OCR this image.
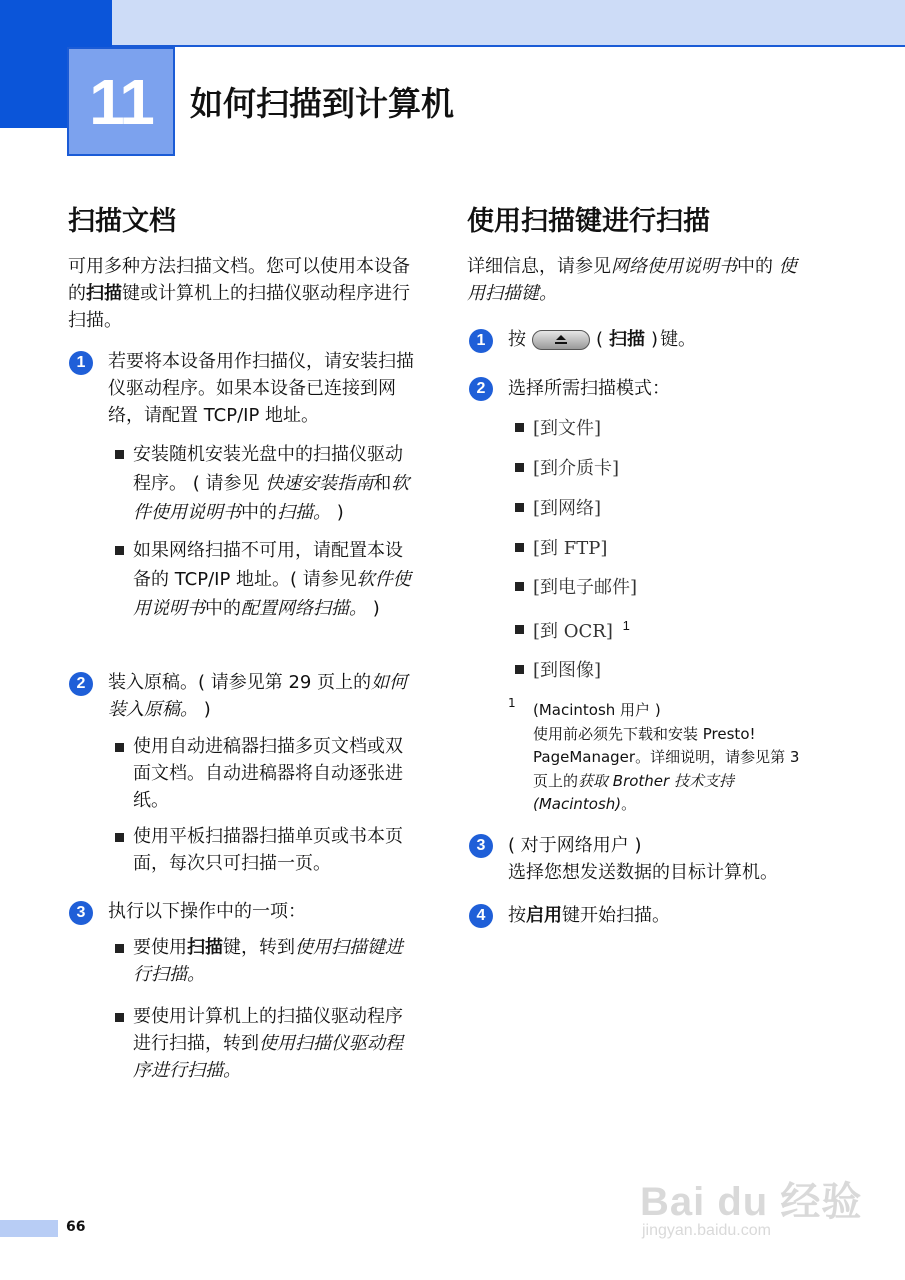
11	如何扫描到计算机
扫描文档
可用多种方法扫描文档。您可以使用本设备的扫描键或计算机上的扫描仪驱动程序进行扫描。
1	若要将本设备用作扫描仪，请安装扫描仪驱动程序。如果本设备已连接到网络，请配置 TCP/IP 地址。
安装随机安装光盘中的扫描仪驱动程序。 ( 请参见 快速安装指南和软件使用说明书中的扫描。 )
如果网络扫描不可用，请配置本设备的 TCP/IP 地址。( 请参见软件使用说明书中的配置网络扫描。 )
2	装入原稿。( 请参见第 29 页上的如何装入原稿。 )
使用自动进稿器扫描多页文档或双面文档。自动进稿器将自动逐张进纸。
使用平板扫描器扫描单页或书本页面，每次只可扫描一页。
3	执行以下操作中的一项：
要使用扫描键，转到使用扫描键进行扫描。
要使用计算机上的扫描仪驱动程序进行扫描，转到使用扫描仪驱动程序进行扫描。
使用扫描键进行扫描
详细信息，请参见网络使用说明书中的 使用扫描键。
1	按	( 扫描 ) 键。
2	选择所需扫描模式：
[到文件]
[到介质卡]
[到网络]
[到 FTP]
[到电子邮件]
[到 OCR] $^1$
[到图像]
1 (Macintosh 用户 )
使用前必须先下载和安装 Presto! PageManager。详细说明，请参见第 3 页上的获取 Brother 技术支持 (Macintosh)。
3	( 对于网络用户 )
选择您想发送数据的目标计算机。
4	按启用键开始扫描。
66
Bai du 经验
jingyan.baidu.com
